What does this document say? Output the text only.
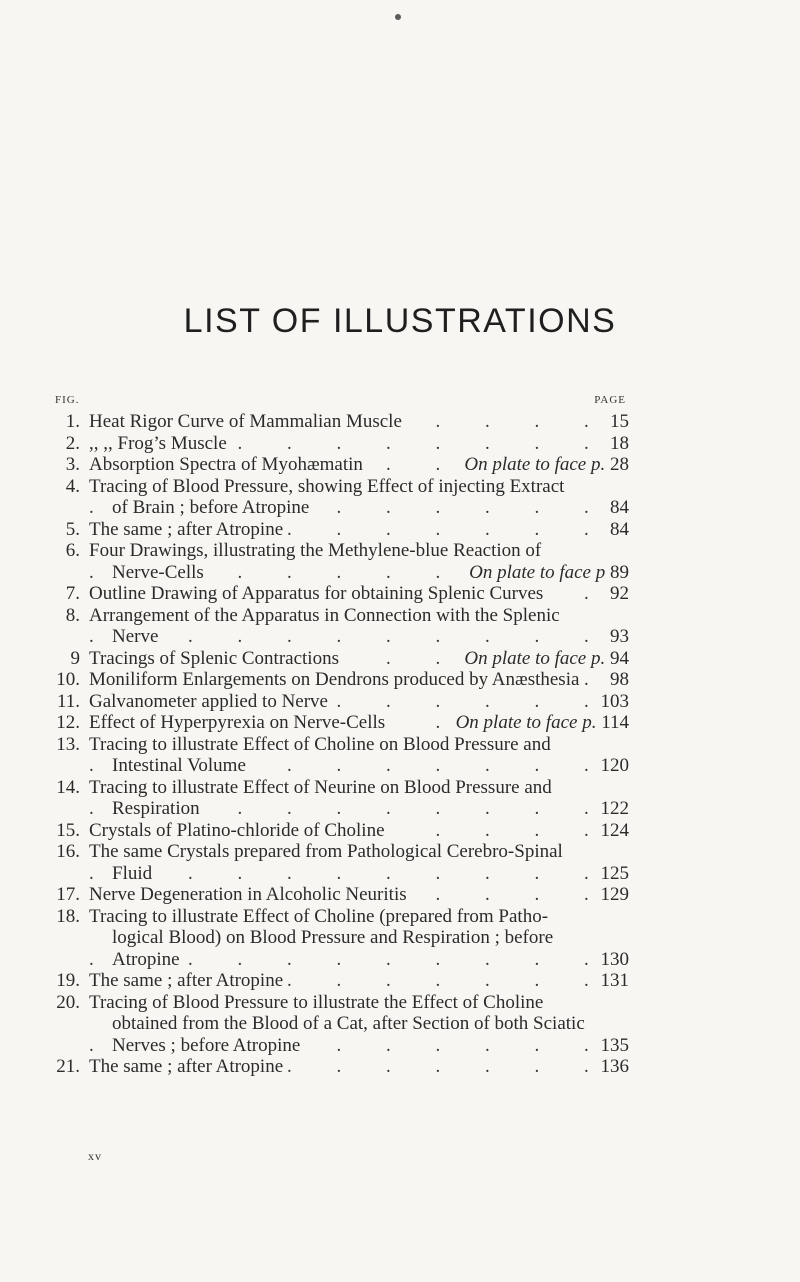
LIST OF ILLUSTRATIONS
FIG.	PAGE
1. . . . Heat Rigor Curve of Mammalian Muscle	15
2. . . . ,, ,, Frog’s Muscle	18
3. . . . Absorption Spectra of Myohæmatin	On plate to face p. 28
4. Tracing of Blood Pressure, showing Effect of injecting Extract
. . .
of Brain ; before Atropine	84
5. . . . The same ; after Atropine	84
6. Four Drawings, illustrating the Methylene-blue Reaction of
. . .
Nerve-Cells	On plate to face p 89
7. . . . Outline Drawing of Apparatus for obtaining Splenic Curves	92
8. Arrangement of the Apparatus in Connection with the Splenic
. . .
Nerve	93
9 . . . Tracings of Splenic Contractions	On plate to face p. 94
10. . . . Moniliform Enlargements on Dendrons produced by Anæsthesia 98
11. . . . Galvanometer applied to Nerve	103
12. . . . Effect of Hyperpyrexia on Nerve-Cells	On plate to face p. 114
13. Tracing to illustrate Effect of Choline on Blood Pressure and
. . .
Intestinal Volume	120
14. Tracing to illustrate Effect of Neurine on Blood Pressure and
. . .
Respiration	122
15. . . . Crystals of Platino-chloride of Choline	124
16. The same Crystals prepared from Pathological Cerebro-Spinal
. . .
Fluid	125
17. . . . Nerve Degeneration in Alcoholic Neuritis	129
18. Tracing to illustrate Effect of Choline (prepared from Patho-
logical Blood) on Blood Pressure and Respiration ; before
. . .
Atropine	130
19. . . . The same ; after Atropine	131
20. Tracing of Blood Pressure to illustrate the Effect of Choline
obtained from the Blood of a Cat, after Section of both Sciatic
. . .
Nerves ; before Atropine	135
21. . . . The same ; after Atropine	136
xv
